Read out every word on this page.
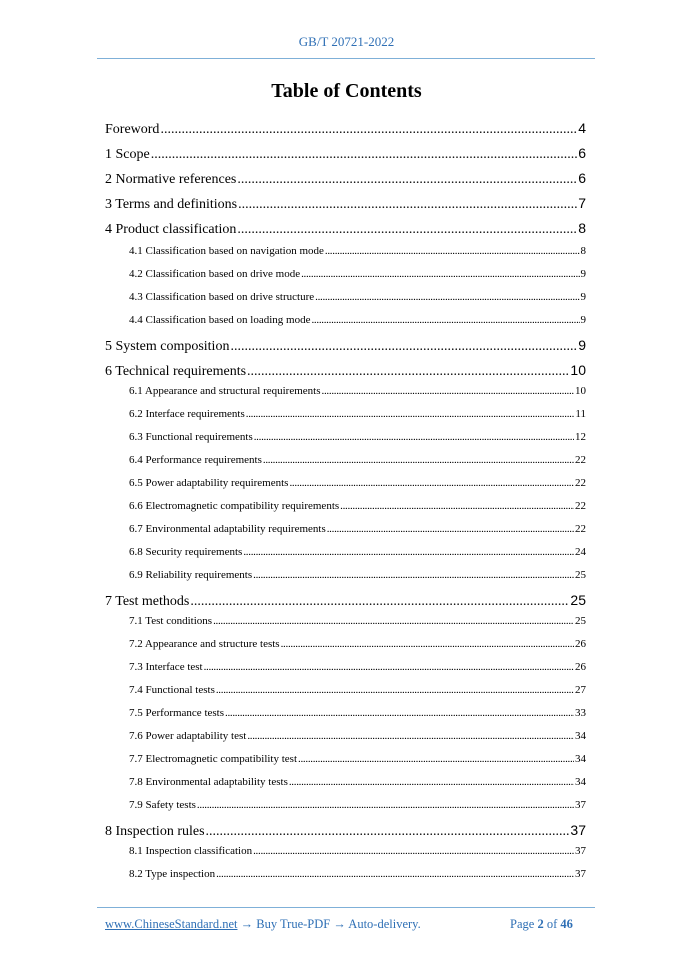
GB/T 20721-2022
Table of Contents
Foreword .....	4
1 Scope .....	6
2 Normative references .....	6
3 Terms and definitions .....	7
4 Product classification .....	8
4.1 Classification based on navigation mode .....	8
4.2 Classification based on drive mode .....	9
4.3 Classification based on drive structure .....	9
4.4 Classification based on loading mode .....	9
5 System composition .....	9
6 Technical requirements .....	10
6.1 Appearance and structural requirements .....	10
6.2 Interface requirements .....	11
6.3 Functional requirements .....	12
6.4 Performance requirements .....	22
6.5 Power adaptability requirements .....	22
6.6 Electromagnetic compatibility requirements .....	22
6.7 Environmental adaptability requirements .....	22
6.8 Security requirements .....	24
6.9 Reliability requirements .....	25
7 Test methods .....	25
7.1 Test conditions .....	25
7.2 Appearance and structure tests .....	26
7.3 Interface test .....	26
7.4 Functional tests .....	27
7.5 Performance tests .....	33
7.6 Power adaptability test .....	34
7.7 Electromagnetic compatibility test .....	34
7.8 Environmental adaptability tests .....	34
7.9 Safety tests .....	37
8 Inspection rules .....	37
8.1 Inspection classification .....	37
8.2 Type inspection .....	37
www.ChineseStandard.net → Buy True-PDF → Auto-delivery.	Page 2 of 46
